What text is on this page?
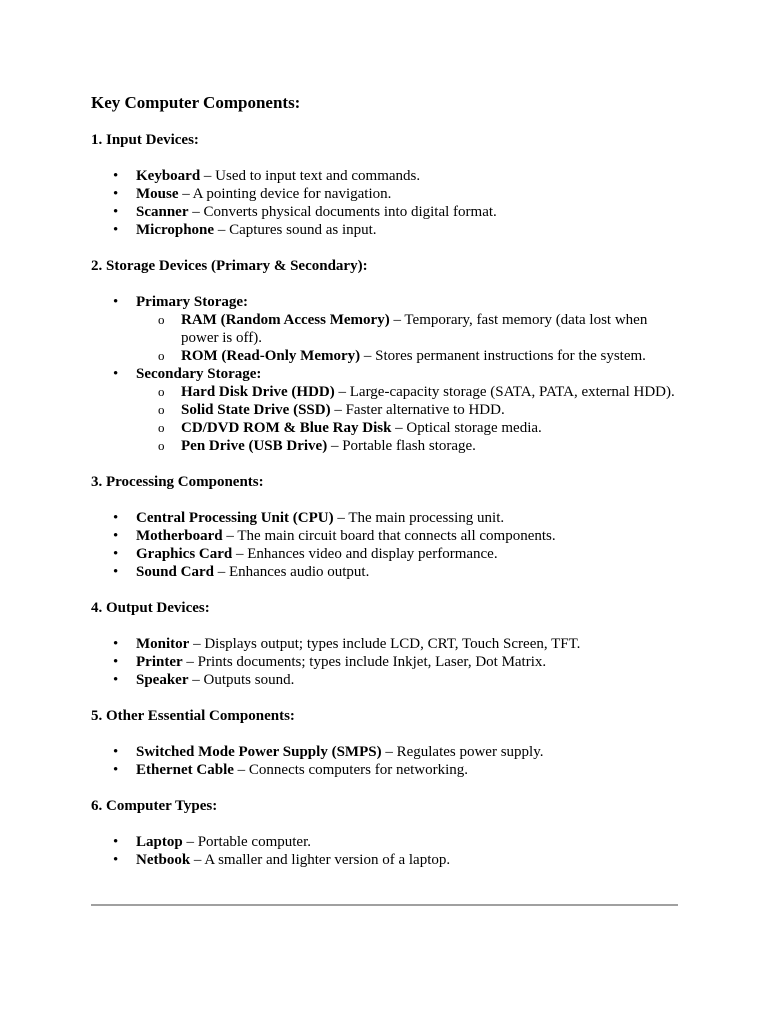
Key Computer Components:
1. Input Devices:
• Keyboard – Used to input text and commands.
• Mouse – A pointing device for navigation.
• Scanner – Converts physical documents into digital format.
• Microphone – Captures sound as input.
2. Storage Devices (Primary & Secondary):
• Primary Storage:
o RAM (Random Access Memory) – Temporary, fast memory (data lost when power is off).
o ROM (Read-Only Memory) – Stores permanent instructions for the system.
• Secondary Storage:
o Hard Disk Drive (HDD) – Large-capacity storage (SATA, PATA, external HDD).
o Solid State Drive (SSD) – Faster alternative to HDD.
o CD/DVD ROM & Blue Ray Disk – Optical storage media.
o Pen Drive (USB Drive) – Portable flash storage.
3. Processing Components:
• Central Processing Unit (CPU) – The main processing unit.
• Motherboard – The main circuit board that connects all components.
• Graphics Card – Enhances video and display performance.
• Sound Card – Enhances audio output.
4. Output Devices:
• Monitor – Displays output; types include LCD, CRT, Touch Screen, TFT.
• Printer – Prints documents; types include Inkjet, Laser, Dot Matrix.
• Speaker – Outputs sound.
5. Other Essential Components:
• Switched Mode Power Supply (SMPS) – Regulates power supply.
• Ethernet Cable – Connects computers for networking.
6. Computer Types:
• Laptop – Portable computer.
• Netbook – A smaller and lighter version of a laptop.
